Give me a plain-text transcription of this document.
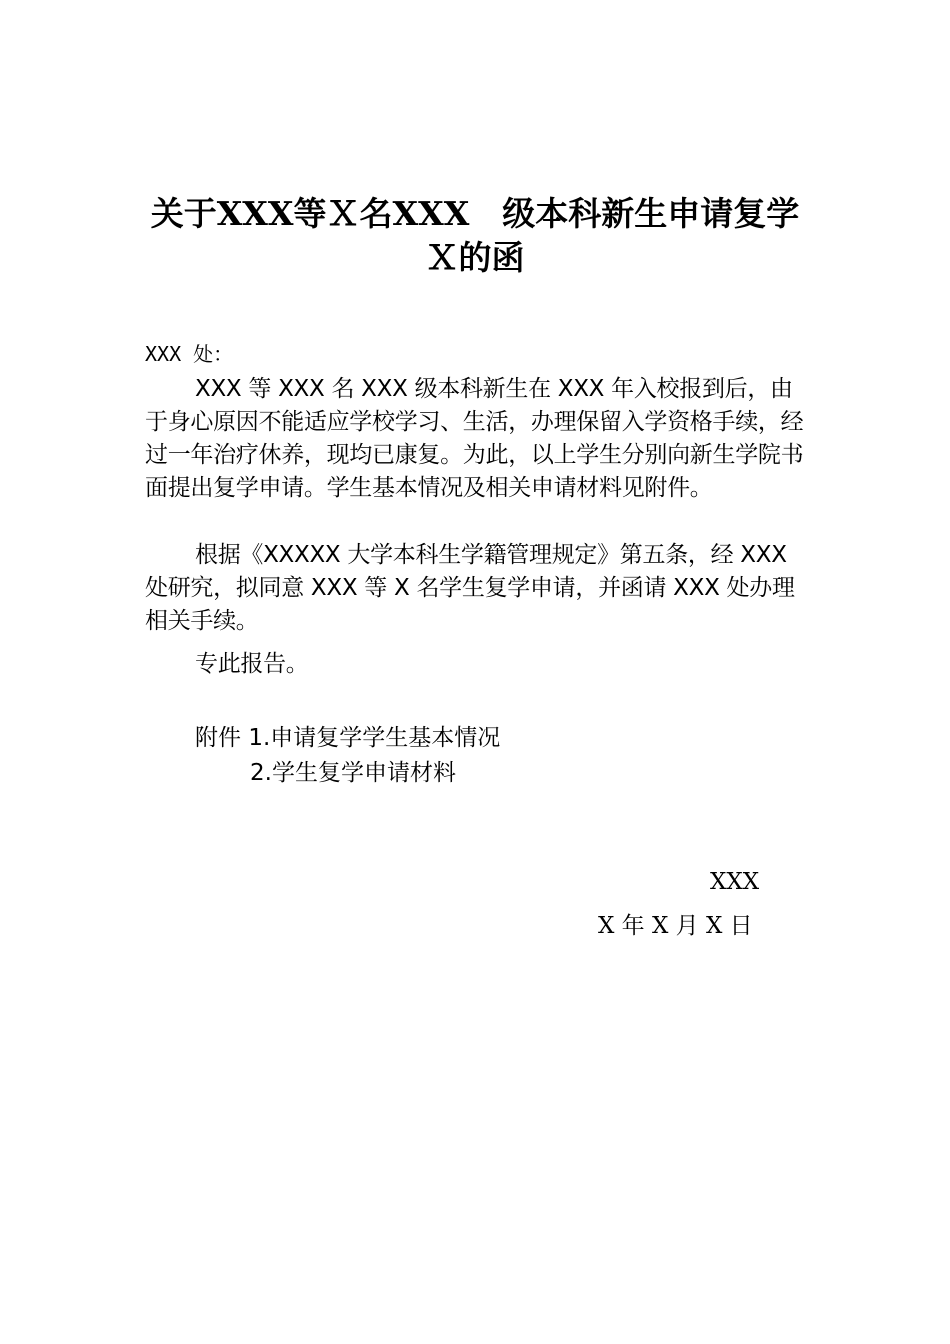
关于XXX等Ｘ名XXX　级本科新生申请复学
Ｘ的函
XXX 处：

XXX 等 XXX 名 XXX 级本科新生在 XXX 年入校报到后，由于身心原因不能适应学校学习、生活，办理保留入学资格手续，经过一年治疗休养，现均已康复。为此，以上学生分别向新生学院书面提出复学申请。学生基本情况及相关申请材料见附件。

根据《XXXXX 大学本科生学籍管理规定》第五条，经 XXX 处研究，拟同意 XXX 等 X 名学生复学申请，并函请 XXX 处办理相关手续。

专此报告。

附件 1.申请复学学生基本情况
2.学生复学申请材料
XXX
X 年 X 月 X 日
